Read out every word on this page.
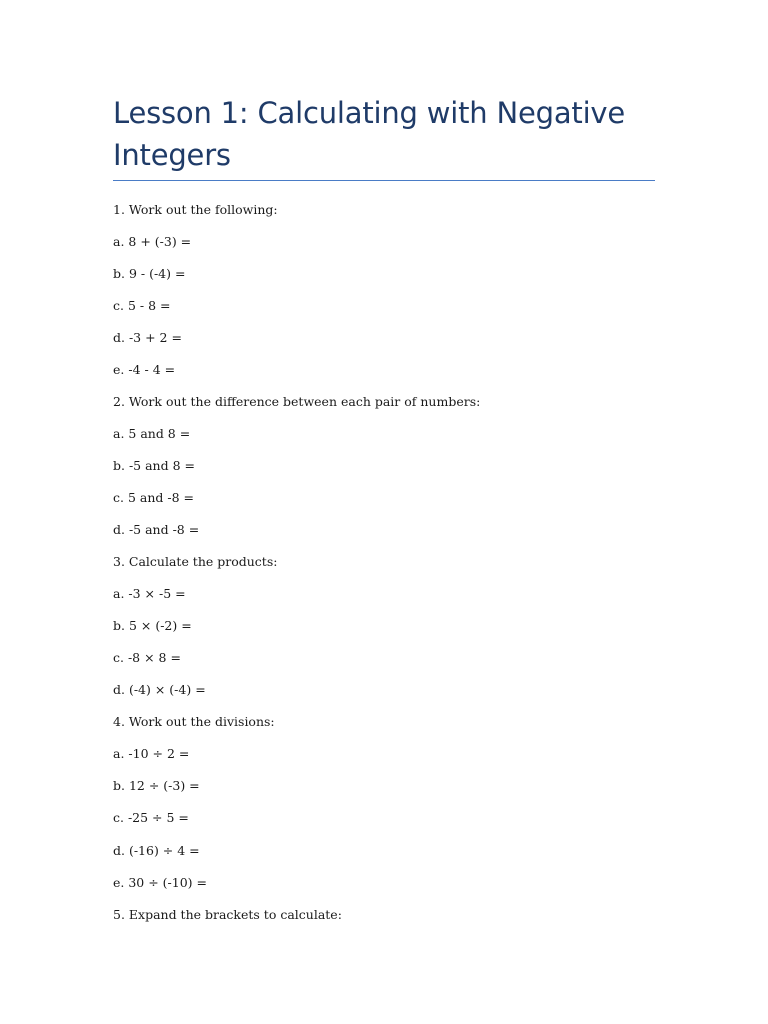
Lesson 1: Calculating with Negative Integers

1. Work out the following:

a. 8 + (-3) =

b. 9 - (-4) =

c. 5 - 8 =

d. -3 + 2 =

e. -4 - 4 =

2. Work out the difference between each pair of numbers:

a. 5 and 8 =

b. -5 and 8 =

c. 5 and -8 =

d. -5 and -8 =

3. Calculate the products:

a. -3 × -5 =

b. 5 × (-2) =

c. -8 × 8 =

d. (-4) × (-4) =

4. Work out the divisions:

a. -10 ÷ 2 =

b. 12 ÷ (-3) =

c. -25 ÷ 5 =

d. (-16) ÷ 4 =

e. 30 ÷ (-10) =

5. Expand the brackets to calculate:
